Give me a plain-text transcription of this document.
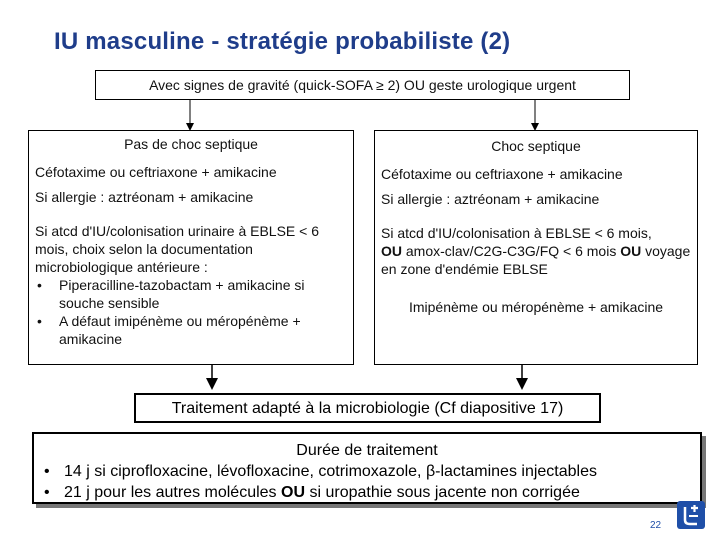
IU masculine - stratégie probabiliste (2)
Avec signes de gravité (quick-SOFA ≥ 2) OU geste urologique urgent
Pas de choc septique
Céfotaxime ou ceftriaxone + amikacine
Si allergie : aztréonam + amikacine
Si atcd d'IU/colonisation urinaire à EBLSE < 6 mois, choix selon la documentation microbiologique antérieure :
• Piperacilline-tazobactam + amikacine si souche sensible
• A défaut imipénème ou méropénème + amikacine
Choc septique
Céfotaxime ou ceftriaxone + amikacine
Si allergie : aztréonam + amikacine
Si atcd d'IU/colonisation à EBLSE < 6 mois,
OU amox-clav/C2G-C3G/FQ < 6 mois OU voyage en zone d'endémie EBLSE
Imipénème ou méropénème + amikacine
Traitement adapté à la microbiologie (Cf diapositive 17)
Durée de traitement
• 14 j si ciprofloxacine, lévofloxacine, cotrimoxazole, β-lactamines injectables
• 21 j pour les autres molécules OU si uropathie sous jacente non corrigée
22
